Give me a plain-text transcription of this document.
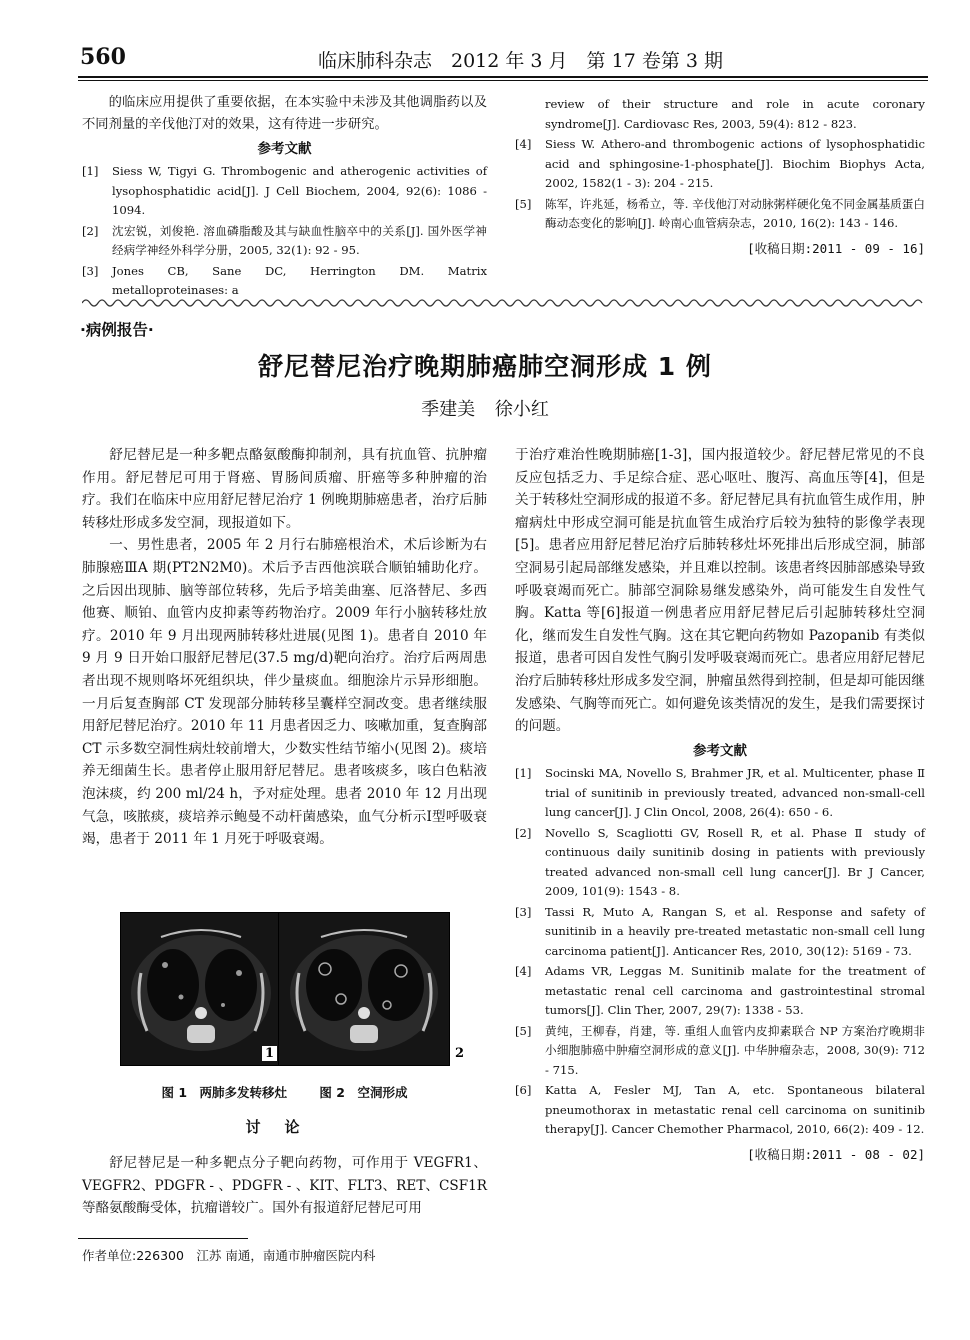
560	临床肺科杂志　2012 年 3 月　第 17 卷第 3 期

的临床应用提供了重要依据，在本实验中未涉及其他调脂药以及不同剂量的辛伐他汀对的效果，这有待进一步研究。

参考文献
[1]	Siess W, Tigyi G. Thrombogenic and atherogenic activities of lysophosphatidic acid[J]. J Cell Biochem, 2004, 92(6): 1086 - 1094.
[2]	沈宏锐，刘俊艳. 溶血磷脂酸及其与缺血性脑卒中的关系[J]. 国外医学神经病学神经外科学分册，2005, 32(1): 92 - 95.
[3]	Jones CB, Sane DC, Herrington DM. Matrix metalloproteinases: a
review of their structure and role in acute coronary syndrome[J]. Cardiovasc Res, 2003, 59(4): 812 - 823.
[4]	Siess W. Athero-and thrombogenic actions of lysophosphatidic acid and sphingosine-1-phosphate[J]. Biochim Biophys Acta, 2002, 1582(1 - 3): 204 - 215.
[5]	陈军，许兆延，杨希立，等. 辛伐他汀对动脉粥样硬化兔不同金属基质蛋白酶动态变化的影响[J]. 岭南心血管病杂志，2010, 16(2): 143 - 146.
[收稿日期:2011 - 09 - 16]
·病例报告·
舒尼替尼治疗晚期肺癌肺空洞形成 1 例
季建美 徐小红

舒尼替尼是一种多靶点酪氨酸酶抑制剂，具有抗血管、抗肿瘤作用。舒尼替尼可用于肾癌、胃肠间质瘤、肝癌等多种肿瘤的治疗。我们在临床中应用舒尼替尼治疗 1 例晚期肺癌患者，治疗后肺转移灶形成多发空洞，现报道如下。

一、男性患者，2005 年 2 月行右肺癌根治术，术后诊断为右肺腺癌ⅢA 期(PT2N2M0)。术后予吉西他滨联合顺铂辅助化疗。之后因出现肺、脑等部位转移，先后予培美曲塞、厄洛替尼、多西他赛、顺铂、血管内皮抑素等药物治疗。2009 年行小脑转移灶放疗。2010 年 9 月出现两肺转移灶进展(见图 1)。患者自 2010 年 9 月 9 日开始口服舒尼替尼(37.5 mg/d)靶向治疗。治疗后两周患者出现不规则咯坏死组织块，伴少量痰血。细胞涂片示异形细胞。一月后复查胸部 CT 发现部分肺转移呈囊样空洞改变。患者继续服用舒尼替尼治疗。2010 年 11 月患者因乏力、咳嗽加重，复查胸部 CT 示多数空洞性病灶较前增大，少数实性结节缩小(见图 2)。痰培养无细菌生长。患者停止服用舒尼替尼。患者咳痰多，咳白色粘液泡沫痰，约 200 ml/24 h，予对症处理。患者 2010 年 12 月出现气急，咳脓痰，痰培养示鲍曼不动杆菌感染，血气分析示Ⅰ型呼吸衰竭，患者于 2011 年 1 月死于呼吸衰竭。

1	2
图 1　两肺多发转移灶	图 2　空洞形成
讨论

舒尼替尼是一种多靶点分子靶向药物，可作用于 VEGFR1、VEGFR2、PDGFR - 、PDGFR - 、KIT、FLT3、RET、CSF1R 等酪氨酸酶受体，抗瘤谱较广。国外有报道舒尼替尼可用

作者单位:226300　江苏 南通，南通市肿瘤医院内科

于治疗难治性晚期肺癌[1-3]，国内报道较少。舒尼替尼常见的不良反应包括乏力、手足综合症、恶心呕吐、腹泻、高血压等[4]，但是关于转移灶空洞形成的报道不多。舒尼替尼具有抗血管生成作用，肿瘤病灶中形成空洞可能是抗血管生成治疗后较为独特的影像学表现[5]。患者应用舒尼替尼治疗后肺转移灶坏死排出后形成空洞，肺部空洞易引起局部继发感染，并且难以控制。该患者终因肺部感染导致呼吸衰竭而死亡。肺部空洞除易继发感染外，尚可能发生自发性气胸。Katta 等[6]报道一例患者应用舒尼替尼后引起肺转移灶空洞化，继而发生自发性气胸。这在其它靶向药物如 Pazopanib 有类似报道，患者可因自发性气胸引发呼吸衰竭而死亡。患者应用舒尼替尼治疗后肺转移灶形成多发空洞，肿瘤虽然得到控制，但是却可能因继发感染、气胸等而死亡。如何避免该类情况的发生，是我们需要探讨的问题。

参考文献
[1]	Socinski MA, Novello S, Brahmer JR, et al. Multicenter, phase Ⅱ trial of sunitinib in previously treated, advanced non-small-cell lung cancer[J]. J Clin Oncol, 2008, 26(4): 650 - 6.
[2]	Novello S, Scagliotti GV, Rosell R, et al. Phase Ⅱ study of continuous daily sunitinib dosing in patients with previously treated advanced non-small cell lung cancer[J]. Br J Cancer, 2009, 101(9): 1543 - 8.
[3]	Tassi R, Muto A, Rangan S, et al. Response and safety of sunitinib in a heavily pre-treated metastatic non-small cell lung carcinoma patient[J]. Anticancer Res, 2010, 30(12): 5169 - 73.
[4]	Adams VR, Leggas M. Sunitinib malate for the treatment of metastatic renal cell carcinoma and gastrointestinal stromal tumors[J]. Clin Ther, 2007, 29(7): 1338 - 53.
[5]	黄纯，王柳春，肖建，等. 重组人血管内皮抑素联合 NP 方案治疗晚期非小细胞肺癌中肿瘤空洞形成的意义[J]. 中华肿瘤杂志，2008, 30(9): 712 - 715.
[6]	Katta A, Fesler MJ, Tan A, etc. Spontaneous bilateral pneumothorax in metastatic renal cell carcinoma on sunitinib therapy[J]. Cancer Chemother Pharmacol, 2010, 66(2): 409 - 12.
[收稿日期:2011 - 08 - 02]
